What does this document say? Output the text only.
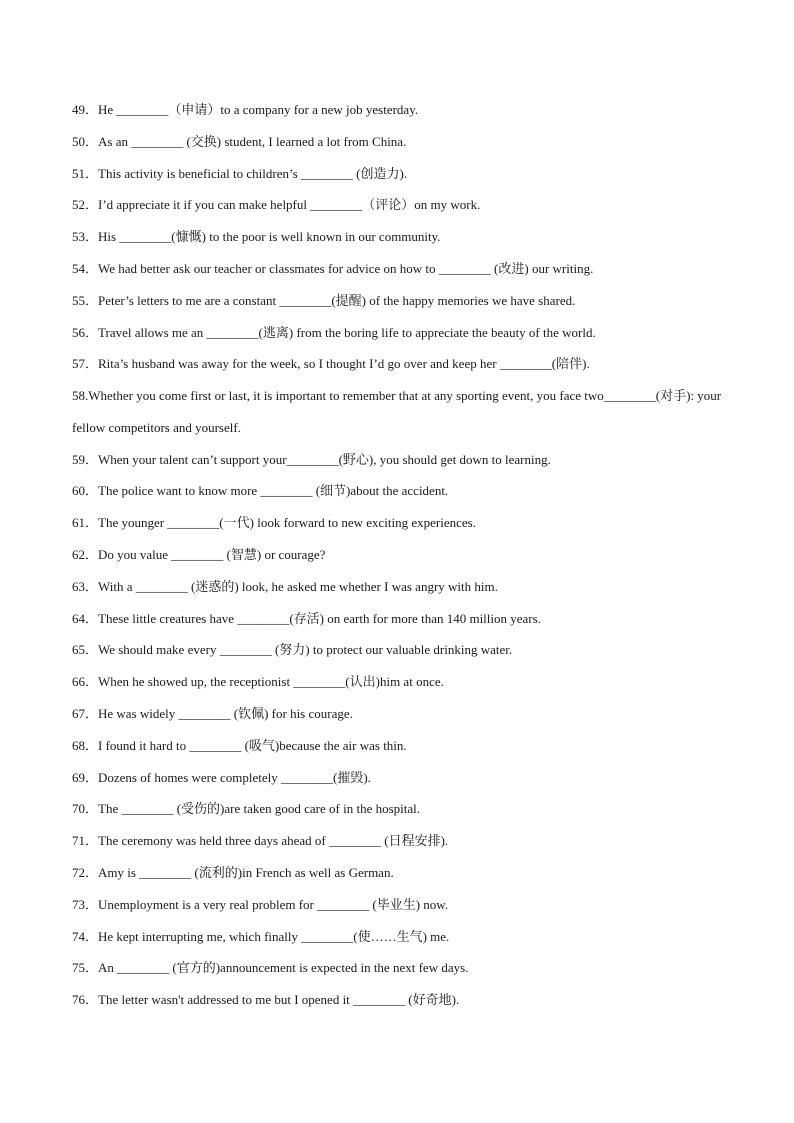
49．He ________（申请）to a company for a new job yesterday.
50．As an ________ (交换) student, I learned a lot from China.
51．This activity is beneficial to children’s ________ (创造力).
52．I’d appreciate it if you can make helpful ________（评论）on my work.
53．His ________(慷慨) to the poor is well known in our community.
54．We had better ask our teacher or classmates for advice on how to ________ (改进) our writing.
55．Peter’s letters to me are a constant ________(提醒) of the happy memories we have shared.
56．Travel allows me an ________(逃离) from the boring life to appreciate the beauty of the world.
57．Rita’s husband was away for the week, so I thought I’d go over and keep her ________(陪伴).
58.Whether you come first or last, it is important to remember that at any sporting event, you face two________(对手): your fellow competitors and yourself.
59．When your talent can’t support your________(野心), you should get down to learning.
60．The police want to know more ________ (细节)about the accident.
61．The younger ________(一代) look forward to new exciting experiences.
62．Do you value ________ (智慧) or courage?
63．With a ________ (迷惑的) look, he asked me whether I was angry with him.
64．These little creatures have ________(存活) on earth for more than 140 million years.
65．We should make every ________ (努力) to protect our valuable drinking water.
66．When he showed up, the receptionist ________(认出)him at once.
67．He was widely ________ (钦佩) for his courage.
68．I found it hard to ________ (吸气)because the air was thin.
69．Dozens of homes were completely ________(摧毁).
70．The ________ (受伤的)are taken good care of in the hospital.
71．The ceremony was held three days ahead of ________ (日程安排).
72．Amy is ________ (流利的)in French as well as German.
73．Unemployment is a very real problem for ________ (毕业生) now.
74．He kept interrupting me, which finally ________(使……生气) me.
75．An ________ (官方的)announcement is expected in the next few days.
76．The letter wasn't addressed to me but I opened it ________ (好奇地).
